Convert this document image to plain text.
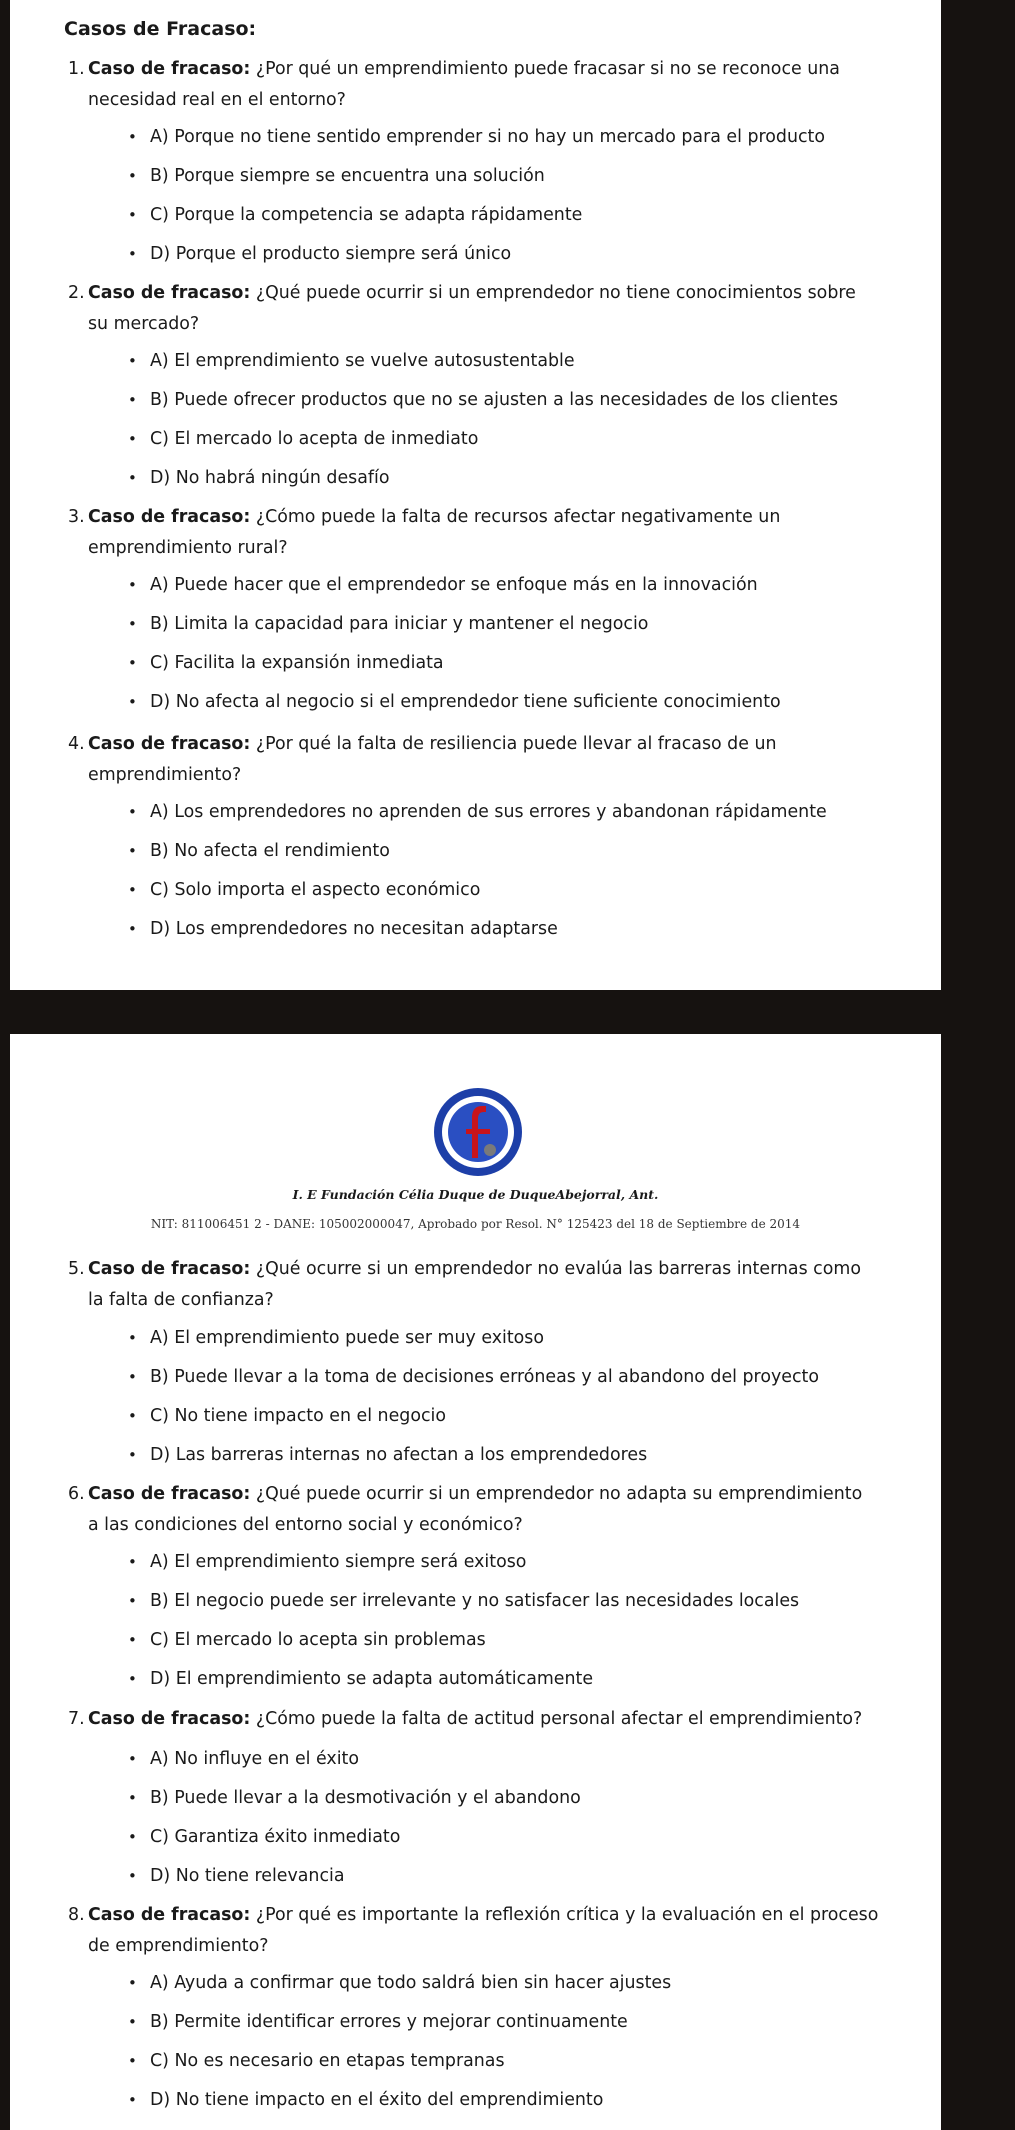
Casos de Fracaso:
1. Caso de fracaso: ¿Por qué un emprendimiento puede fracasar si no se reconoce una
necesidad real en el entorno?
• A) Porque no tiene sentido emprender si no hay un mercado para el producto
• B) Porque siempre se encuentra una solución
• C) Porque la competencia se adapta rápidamente
• D) Porque el producto siempre será único
2. Caso de fracaso: ¿Qué puede ocurrir si un emprendedor no tiene conocimientos sobre
su mercado?
• A) El emprendimiento se vuelve autosustentable
• B) Puede ofrecer productos que no se ajusten a las necesidades de los clientes
• C) El mercado lo acepta de inmediato
• D) No habrá ningún desafío
3. Caso de fracaso: ¿Cómo puede la falta de recursos afectar negativamente un
emprendimiento rural?
• A) Puede hacer que el emprendedor se enfoque más en la innovación
• B) Limita la capacidad para iniciar y mantener el negocio
• C) Facilita la expansión inmediata
• D) No afecta al negocio si el emprendedor tiene suficiente conocimiento
4. Caso de fracaso: ¿Por qué la falta de resiliencia puede llevar al fracaso de un
emprendimiento?
• A) Los emprendedores no aprenden de sus errores y abandonan rápidamente
• B) No afecta el rendimiento
• C) Solo importa el aspecto económico
• D) Los emprendedores no necesitan adaptarse
I. E Fundación Célia Duque de DuqueAbejorral, Ant.
NIT: 811006451 2 - DANE: 105002000047, Aprobado por Resol. N° 125423 del 18 de Septiembre de 2014
5. Caso de fracaso: ¿Qué ocurre si un emprendedor no evalúa las barreras internas como
la falta de confianza?
• A) El emprendimiento puede ser muy exitoso
• B) Puede llevar a la toma de decisiones erróneas y al abandono del proyecto
• C) No tiene impacto en el negocio
• D) Las barreras internas no afectan a los emprendedores
6. Caso de fracaso: ¿Qué puede ocurrir si un emprendedor no adapta su emprendimiento
a las condiciones del entorno social y económico?
• A) El emprendimiento siempre será exitoso
• B) El negocio puede ser irrelevante y no satisfacer las necesidades locales
• C) El mercado lo acepta sin problemas
• D) El emprendimiento se adapta automáticamente
7. Caso de fracaso: ¿Cómo puede la falta de actitud personal afectar el emprendimiento?
• A) No influye en el éxito
• B) Puede llevar a la desmotivación y el abandono
• C) Garantiza éxito inmediato
• D) No tiene relevancia
8. Caso de fracaso: ¿Por qué es importante la reflexión crítica y la evaluación en el proceso
de emprendimiento?
• A) Ayuda a confirmar que todo saldrá bien sin hacer ajustes
• B) Permite identificar errores y mejorar continuamente
• C) No es necesario en etapas tempranas
• D) No tiene impacto en el éxito del emprendimiento
